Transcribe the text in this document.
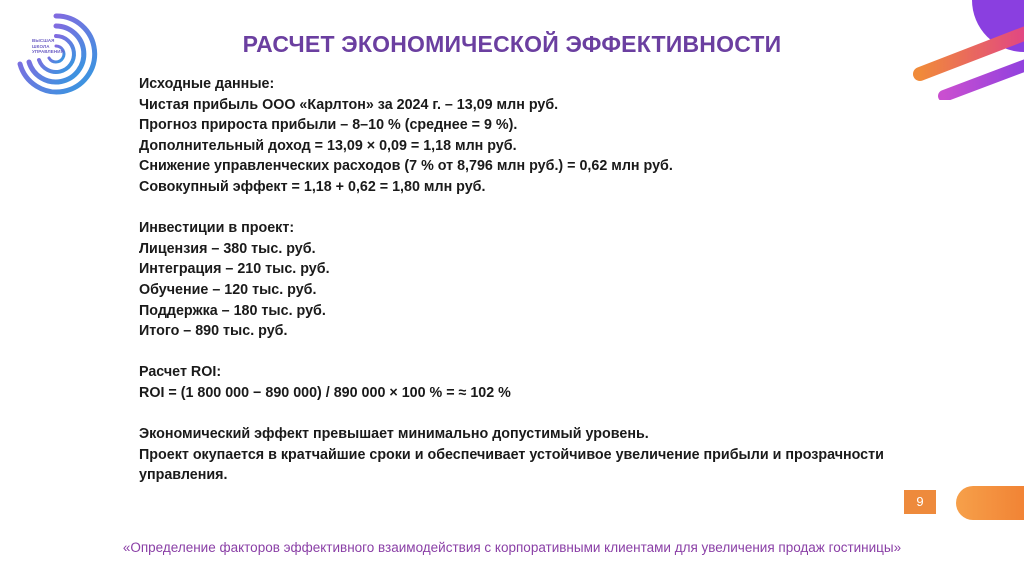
ВЫСШАЯ ШКОЛА УПРАВЛЕНИЯ	РАСЧЕТ ЭКОНОМИЧЕСКОЙ ЭФФЕКТИВНОСТИ
Исходные данные:
Чистая прибыль ООО «Карлтон» за 2024 г. – 13,09 млн руб.
Прогноз прироста прибыли – 8–10 % (среднее = 9 %).
Дополнительный доход = 13,09 × 0,09 = 1,18 млн руб.
Снижение управленческих расходов (7 % от 8,796 млн руб.) = 0,62 млн руб.
Совокупный эффект = 1,18 + 0,62 = 1,80 млн руб.
Инвестиции в проект:
Лицензия – 380 тыс. руб.
Интеграция – 210 тыс. руб.
Обучение – 120 тыс. руб.
Поддержка – 180 тыс. руб.
Итого – 890 тыс. руб.
Расчет ROI:
ROI = (1 800 000 − 890 000) / 890 000 × 100 % = ≈ 102 %
Экономический эффект превышает минимально допустимый уровень.
Проект окупается в кратчайшие сроки и обеспечивает устойчивое увеличение прибыли и прозрачности управления.
9
«Определение факторов эффективного взаимодействия с корпоративными клиентами для увеличения продаж гостиницы»
